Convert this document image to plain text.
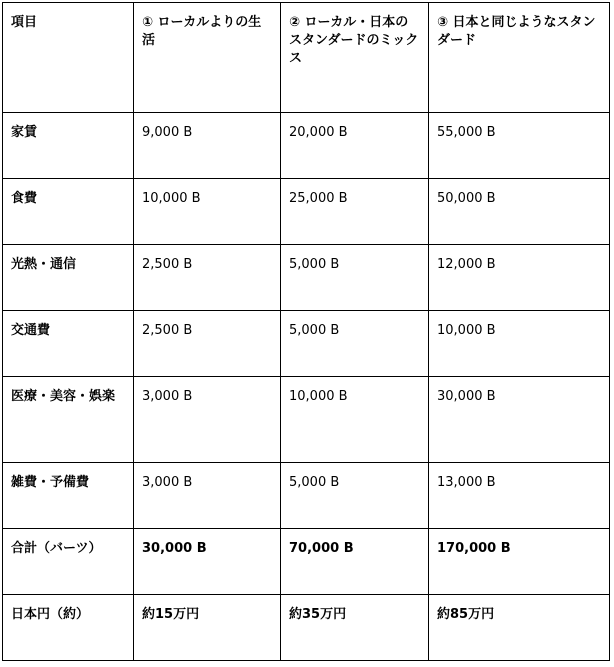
項目	① ローカルよりの生活	② ローカル・日本のスタンダードのミックス	③ 日本と同じようなスタンダード
家賃	9,000 B	20,000 B	55,000 B
食費	10,000 B	25,000 B	50,000 B
光熱・通信	2,500 B	5,000 B	12,000 B
交通費	2,500 B	5,000 B	10,000 B
医療・美容・娯楽	3,000 B	10,000 B	30,000 B
雑費・予備費	3,000 B	5,000 B	13,000 B
合計（バーツ）	30,000 B	70,000 B	170,000 B
日本円（約）	約15万円	約35万円	約85万円
